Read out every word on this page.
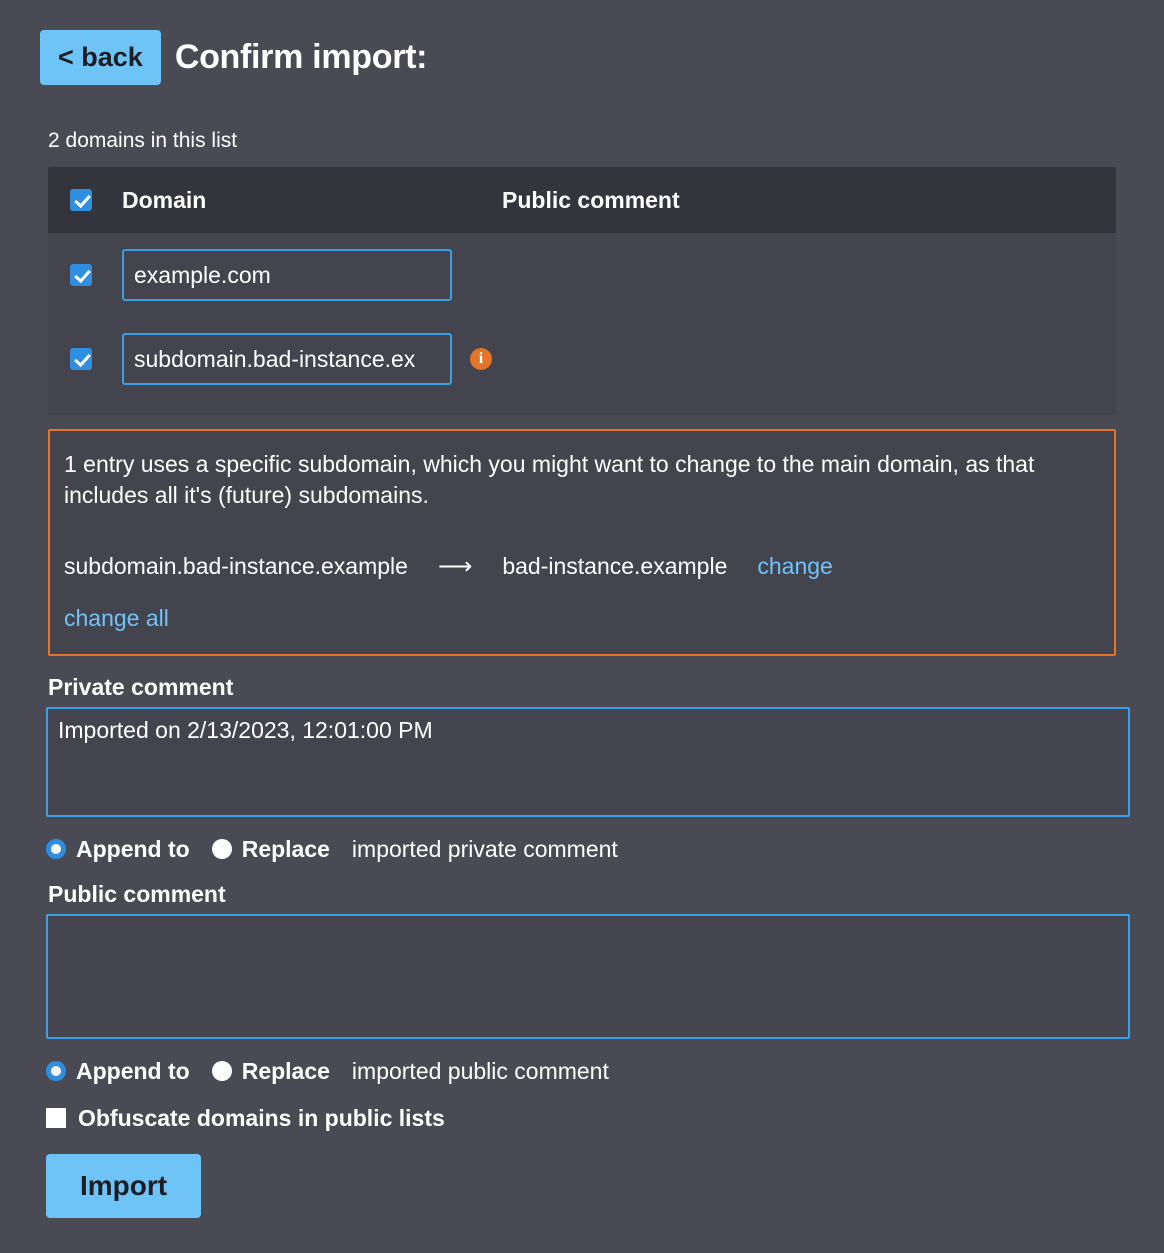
< back Confirm import:
2 domains in this list
Domain	Public comment
example.com
subdomain.bad-instance.ex
i
1 entry uses a specific subdomain, which you might want to change to the main domain, as that includes all it's (future) subdomains.
subdomain.bad-instance.example ⟶ bad-instance.example change
change all
Private comment
Imported on 2/13/2023, 12:01:00 PM
Append to Replace imported private comment
Public comment
Append to Replace imported public comment
Obfuscate domains in public lists
Import
